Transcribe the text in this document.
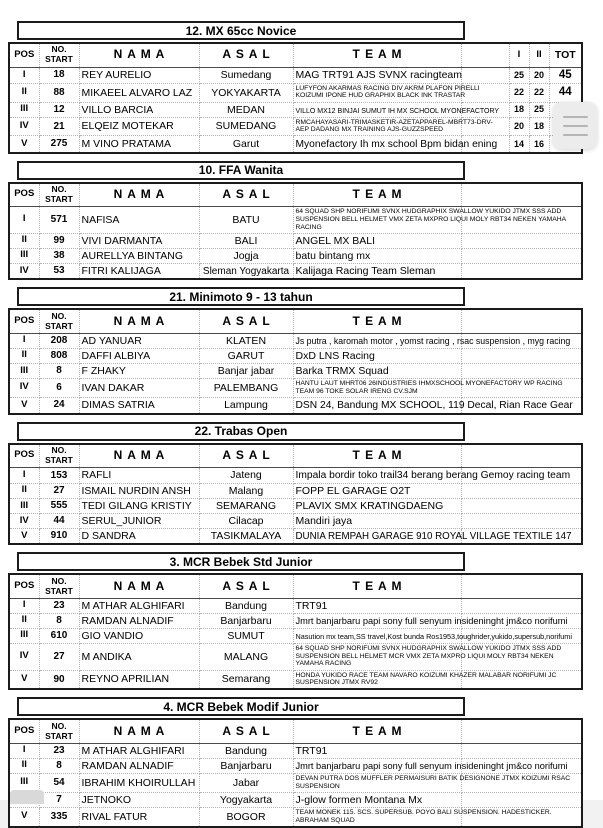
12. MX 65cc Novice
POS	NO. START	N A M A	A S A L	T E A M		I	II	TOT
I	18	REY AURELIO	Sumedang	MAG TRT91 AJS SVNX racingteam		25	20	45
II	88	MIKAEEL ALVARO LAZ	YOKYAKARTA	LUFYFON AKARMAS RACING DIV AKRM PLAFON PIRELLI KOIZUMI IPONE HUD GRAPHIX BLACK INK TRASTAR		22	22	44
III	12	VILLO BARCIA	MEDAN	VILLO MX12 BINJAI SUMUT IH MX SCHOOL MYONEFACTORY		18	25	
IV	21	ELQEIZ MOTEKAR	SUMEDANG	RMCAHAYASARI-TRIMASKETIR-AZETAPPAREL-MBRT73-DRV-AEP DADANG MX TRAINING AJS-GUZZSPEED		20	18	
V	275	M VINO PRATAMA	Garut	Myonefactory Ih mx school Bpm bidan ening		14	16	
10. FFA Wanita
POS	NO. START	N A M A	A S A L	T E A M	
I	571	NAFISA	BATU	64 SQUAD SHP NORIFUMI SVNX HUDGRAPHIX SWALLOW YUKIDO JTMX SSS ADD SUSPENSION BELL HELMET VMX ZETA MXPRO LIQUI MOLY RBT34 NEKEN YAMAHA RACING	
II	99	VIVI DARMANTA	BALI	ANGEL MX BALI	
III	38	AURELLYA BINTANG	Jogja	batu bintang mx	
IV	53	FITRI KALIJAGA	Sleman Yogyakarta	Kalijaga Racing Team Sleman	
21. Minimoto 9 - 13 tahun
POS	NO. START	N A M A	A S A L	T E A M	
I	208	AD YANUAR	KLATEN	Js putra , karomah motor , yomst racing , rsac suspension , myg racing	
II	808	DAFFI ALBIYA	GARUT	DxD LNS Racing	
III	8	F ZHAKY	Banjar jabar	Barka TRMX Squad	
IV	6	IVAN DAKAR	PALEMBANG	HANTU LAUT MHRT06 26INDUSTRIES IHMXSCHOOL MYONEFACTORY WP RACING TEAM 96 TOKE SOLAR IRENG CV.SJM	
V	24	DIMAS SATRIA	Lampung	DSN 24, Bandung MX SCHOOL, 119 Decal, Rian Race Gear	
22. Trabas Open
POS	NO. START	N A M A	A S A L	T E A M	
I	153	RAFLI	Jateng	Impala bordir toko trail34 berang berang Gemoy racing team	
II	27	ISMAIL NURDIN ANSH	Malang	FOPP EL GARAGE O2T	
III	555	TEDI GILANG KRISTIY	SEMARANG	PLAVIX SMX KRATINGDAENG	
IV	44	SERUL_JUNIOR	Cilacap	Mandiri jaya	
V	910	D SANDRA	TASIKMALAYA	DUNIA REMPAH GARAGE 910 ROYAL VILLAGE TEXTILE 147	
3. MCR Bebek Std Junior
POS	NO. START	N A M A	A S A L	T E A M	
I	23	M ATHAR ALGHIFARI	Bandung	TRT91	
II	8	RAMDAN ALNADIF	Banjarbaru	Jmrt banjarbaru papi sony full senyum insideninght jm&co norifumi	
III	610	GIO VANDIO	SUMUT	Nasution mx team,SS travel,Kost bunda Ros1953,toughrider,yukido,supersub,norifumi	
IV	27	M ANDIKA	MALANG	64 SQUAD SHP NORIFUMI SVNX HUDGRAPHIX SWALLOW YUKIDO JTMX SSS ADD SUSPENSION BELL HELMET MCR VMX ZETA MXPRO LIQUI MOLY RBT34 NEKEN YAMAHA RACING	
V	90	REYNO APRILIAN	Semarang	HONDA YUKIDO RACE TEAM NAVARO KOIZUMI KHAZER MALABAR NORIFUMI JC SUSPENSION JTMX RV92	
4. MCR Bebek Modif Junior
POS	NO. START	N A M A	A S A L	T E A M	
I	23	M ATHAR ALGHIFARI	Bandung	TRT91	
II	8	RAMDAN ALNADIF	Banjarbaru	Jmrt banjarbaru papi sony full senyum insideninght jm&co norifumi	
III	54	IBRAHIM KHOIRULLAH	Jabar	DEVAN PUTRA DOS MUFFLER PERMAISURI BATIK DESIGNONE JTMX KOIZUMI RSAC SUSPENSION	
	7	JETNOKO	Yogyakarta	J-glow formen Montana Mx	
V	335	RIVAL FATUR	BOGOR	TEAM MONEK 115. SCS. SUPERSUB. POYO BALI SUSPENSION. HADESTICKER. ABRAHAM SQUAD	
